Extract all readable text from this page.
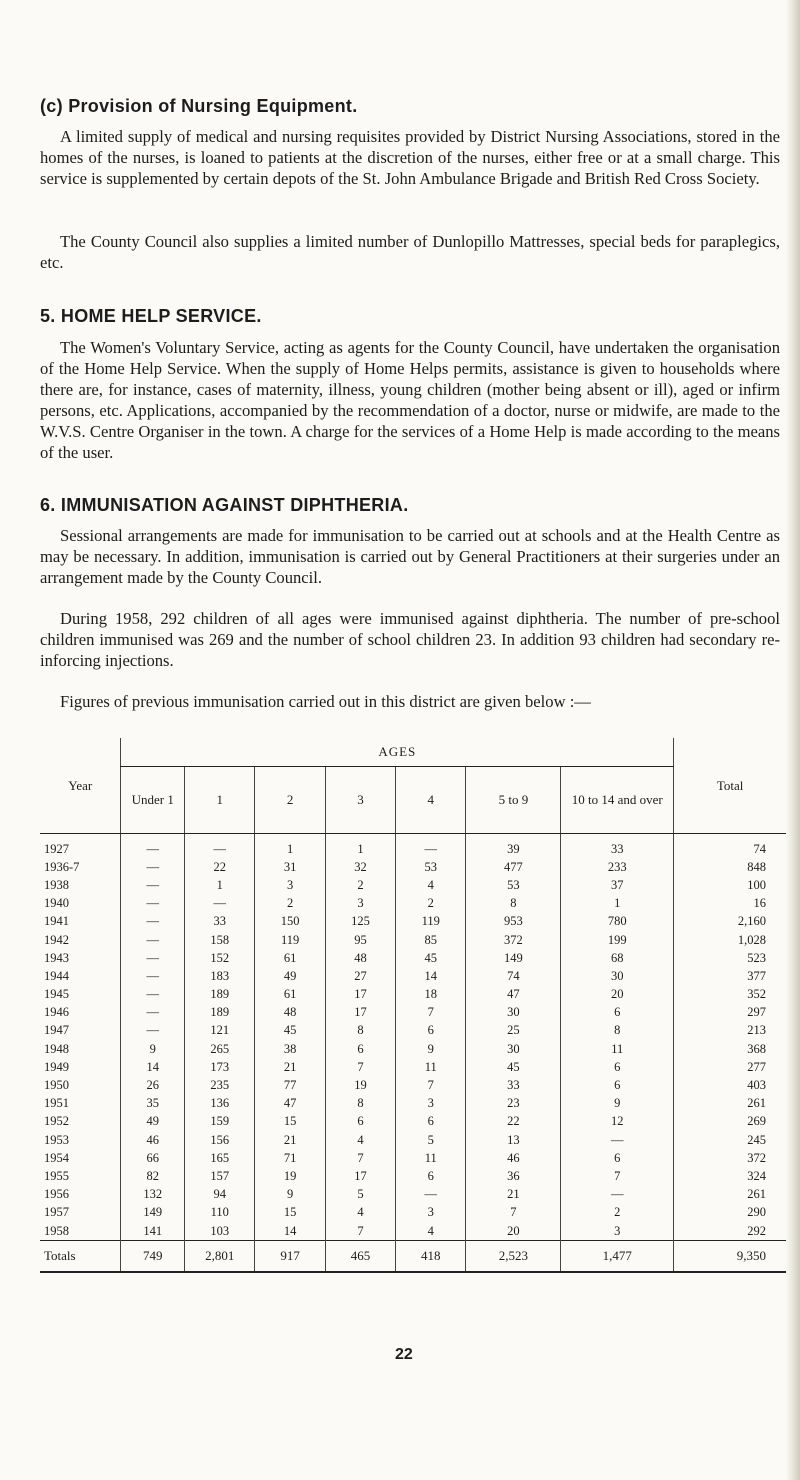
(c) Provision of Nursing Equipment.

A limited supply of medical and nursing requisites provided by District Nursing Associations, stored in the homes of the nurses, is loaned to patients at the discretion of the nurses, either free or at a small charge. This service is supplemented by certain depots of the St. John Ambulance Brigade and British Red Cross Society.

The County Council also supplies a limited number of Dunlopillo Mattresses, special beds for paraplegics, etc.

5. HOME HELP SERVICE.

The Women's Voluntary Service, acting as agents for the County Council, have undertaken the organisation of the Home Help Service. When the supply of Home Helps permits, assistance is given to households where there are, for instance, cases of maternity, illness, young children (mother being absent or ill), aged or infirm persons, etc. Applications, accompanied by the recommendation of a doctor, nurse or midwife, are made to the W.V.S. Centre Organiser in the town. A charge for the services of a Home Help is made according to the means of the user.

6. IMMUNISATION AGAINST DIPHTHERIA.

Sessional arrangements are made for immunisation to be carried out at schools and at the Health Centre as may be necessary. In addition, immunisation is carried out by General Practitioners at their surgeries under an arrangement made by the County Council.

During 1958, 292 children of all ages were immunised against diphtheria. The number of pre-school children immunised was 269 and the number of school children 23. In addition 93 children had secondary re-inforcing injections.

Figures of previous immunisation carried out in this district are given below :—

Year	AGES							Total
	Under 1	1	2	3	4	5 to 9	10 to 14 and over	
1927	—	—	1	1	—	39	33	74
1936-7	—	22	31	32	53	477	233	848
1938	—	1	3	2	4	53	37	100
1940	—	—	2	3	2	8	1	16
1941	—	33	150	125	119	953	780	2,160
1942	—	158	119	95	85	372	199	1,028
1943	—	152	61	48	45	149	68	523
1944	—	183	49	27	14	74	30	377
1945	—	189	61	17	18	47	20	352
1946	—	189	48	17	7	30	6	297
1947	—	121	45	8	6	25	8	213
1948	9	265	38	6	9	30	11	368
1949	14	173	21	7	11	45	6	277
1950	26	235	77	19	7	33	6	403
1951	35	136	47	8	3	23	9	261
1952	49	159	15	6	6	22	12	269
1953	46	156	21	4	5	13	—	245
1954	66	165	71	7	11	46	6	372
1955	82	157	19	17	6	36	7	324
1956	132	94	9	5	—	21	—	261
1957	149	110	15	4	3	7	2	290
1958	141	103	14	7	4	20	3	292
Totals	749	2,801	917	465	418	2,523	1,477	9,350
22
